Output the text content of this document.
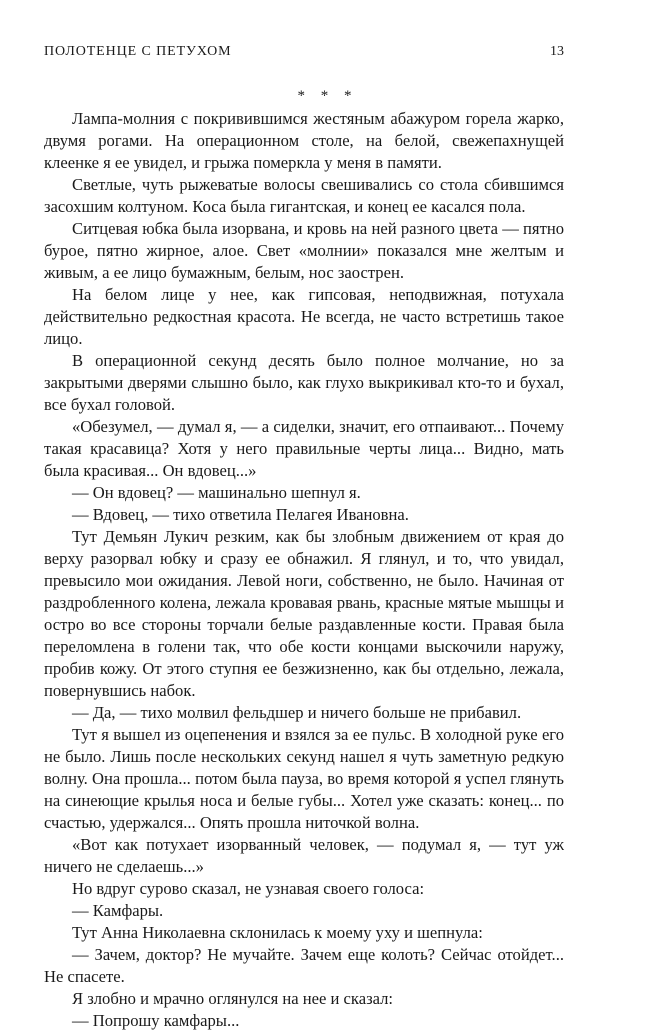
ПОЛОТЕНЦЕ С ПЕТУХОМ	13
* * *

Лампа-молния с покривившимся жестяным абажуром горела жарко, двумя рогами. На операционном столе, на белой, свежепахнущей клеенке я ее увидел, и грыжа померкла у меня в памяти.

Светлые, чуть рыжеватые волосы свешивались со стола сбившимся засохшим колтуном. Коса была гигантская, и конец ее касался пола.

Ситцевая юбка была изорвана, и кровь на ней разного цвета — пятно бурое, пятно жирное, алое. Свет «молнии» показался мне желтым и живым, а ее лицо бумажным, белым, нос заострен.

На белом лице у нее, как гипсовая, неподвижная, потухала действительно редкостная красота. Не всегда, не часто встретишь такое лицо.

В операционной секунд десять было полное молчание, но за закрытыми дверями слышно было, как глухо выкрикивал кто-то и бухал, все бухал головой.

«Обезумел, — думал я, — а сиделки, значит, его отпаивают... Почему такая красавица? Хотя у него правильные черты лица... Видно, мать была красивая... Он вдовец...»

— Он вдовец? — машинально шепнул я.

— Вдовец, — тихо ответила Пелагея Ивановна.

Тут Демьян Лукич резким, как бы злобным движением от края до верху разорвал юбку и сразу ее обнажил. Я глянул, и то, что увидал, превысило мои ожидания. Левой ноги, собственно, не было. Начиная от раздробленного колена, лежала кровавая рвань, красные мятые мышцы и остро во все стороны торчали белые раздавленные кости. Правая была переломлена в голени так, что обе кости концами выскочили наружу, пробив кожу. От этого ступня ее безжизненно, как бы отдельно, лежала, повернувшись набок.

— Да, — тихо молвил фельдшер и ничего больше не прибавил.

Тут я вышел из оцепенения и взялся за ее пульс. В холодной руке его не было. Лишь после нескольких секунд нашел я чуть заметную редкую волну. Она прошла... потом была пауза, во время которой я успел глянуть на синеющие крылья носа и белые губы... Хотел уже сказать: конец... по счастью, удержался... Опять прошла ниточкой волна.

«Вот как потухает изорванный человек, — подумал я, — тут уж ничего не сделаешь...»

Но вдруг сурово сказал, не узнавая своего голоса:

— Камфары.

Тут Анна Николаевна склонилась к моему уху и шепнула:

— Зачем, доктор? Не мучайте. Зачем еще колоть? Сейчас отойдет... Не спасете.

Я злобно и мрачно оглянулся на нее и сказал:

— Попрошу камфары...
